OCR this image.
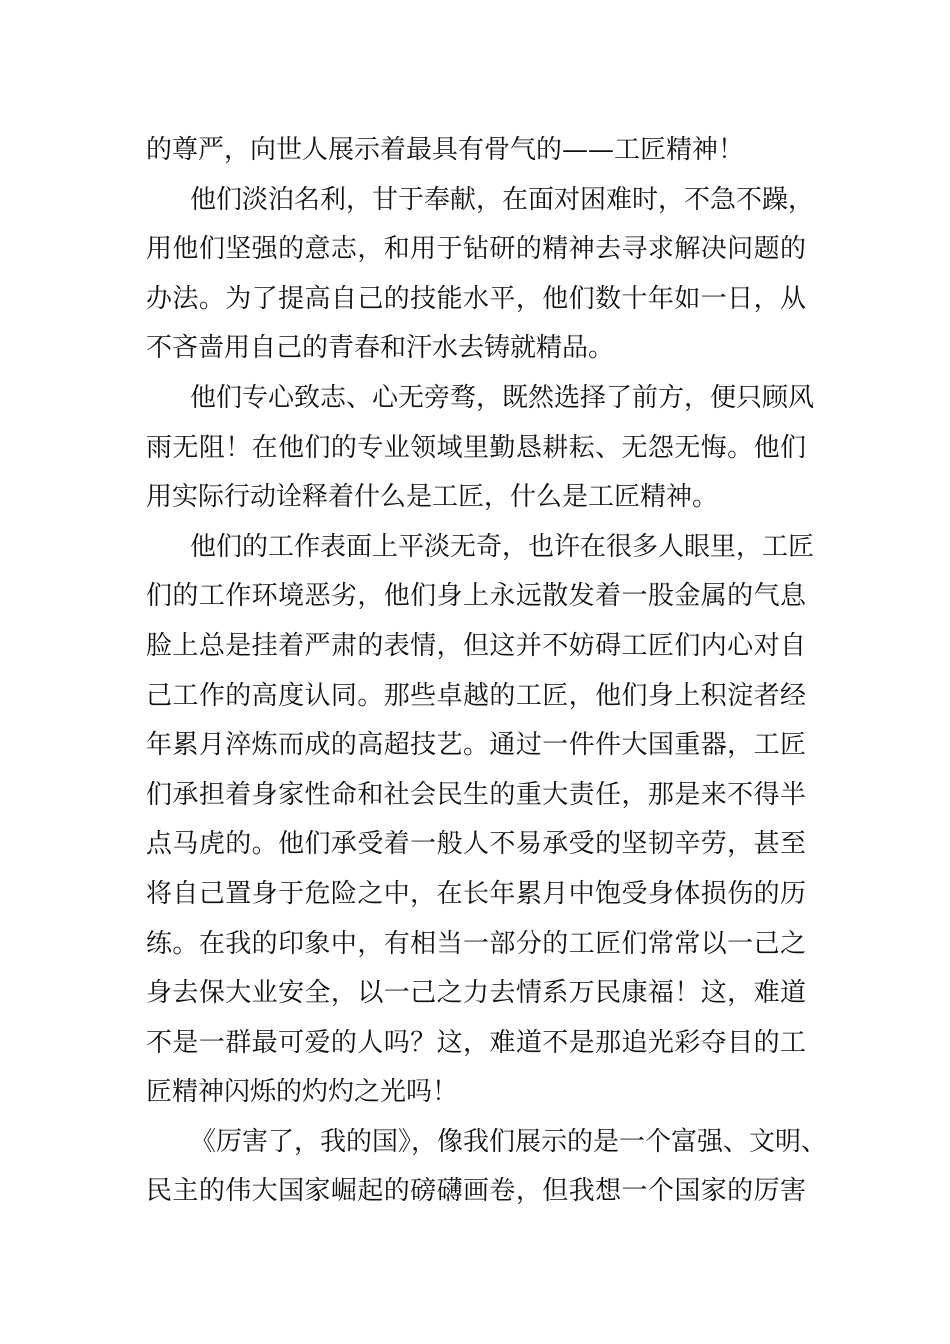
的尊严，向世人展示着最具有骨气的——工匠精神！
他们淡泊名利，甘于奉献，在面对困难时，不急不躁，
用他们坚强的意志，和用于钻研的精神去寻求解决问题的
办法。为了提高自己的技能水平，他们数十年如一日，从
不吝啬用自己的青春和汗水去铸就精品。
他们专心致志、心无旁骛，既然选择了前方，便只顾风
雨无阻！在他们的专业领域里勤恳耕耘、无怨无悔。他们
用实际行动诠释着什么是工匠，什么是工匠精神。
他们的工作表面上平淡无奇，也许在很多人眼里，工匠
们的工作环境恶劣，他们身上永远散发着一股金属的气息
脸上总是挂着严肃的表情，但这并不妨碍工匠们内心对自
己工作的高度认同。那些卓越的工匠，他们身上积淀者经
年累月淬炼而成的高超技艺。通过一件件大国重器，工匠
们承担着身家性命和社会民生的重大责任，那是来不得半
点马虎的。他们承受着一般人不易承受的坚韧辛劳，甚至
将自己置身于危险之中，在长年累月中饱受身体损伤的历
练。在我的印象中，有相当一部分的工匠们常常以一己之
身去保大业安全，以一己之力去情系万民康福！这，难道
不是一群最可爱的人吗？这，难道不是那追光彩夺目的工
匠精神闪烁的灼灼之光吗！
《厉害了，我的国》，像我们展示的是一个富强、文明、
民主的伟大国家崛起的磅礴画卷，但我想一个国家的厉害
